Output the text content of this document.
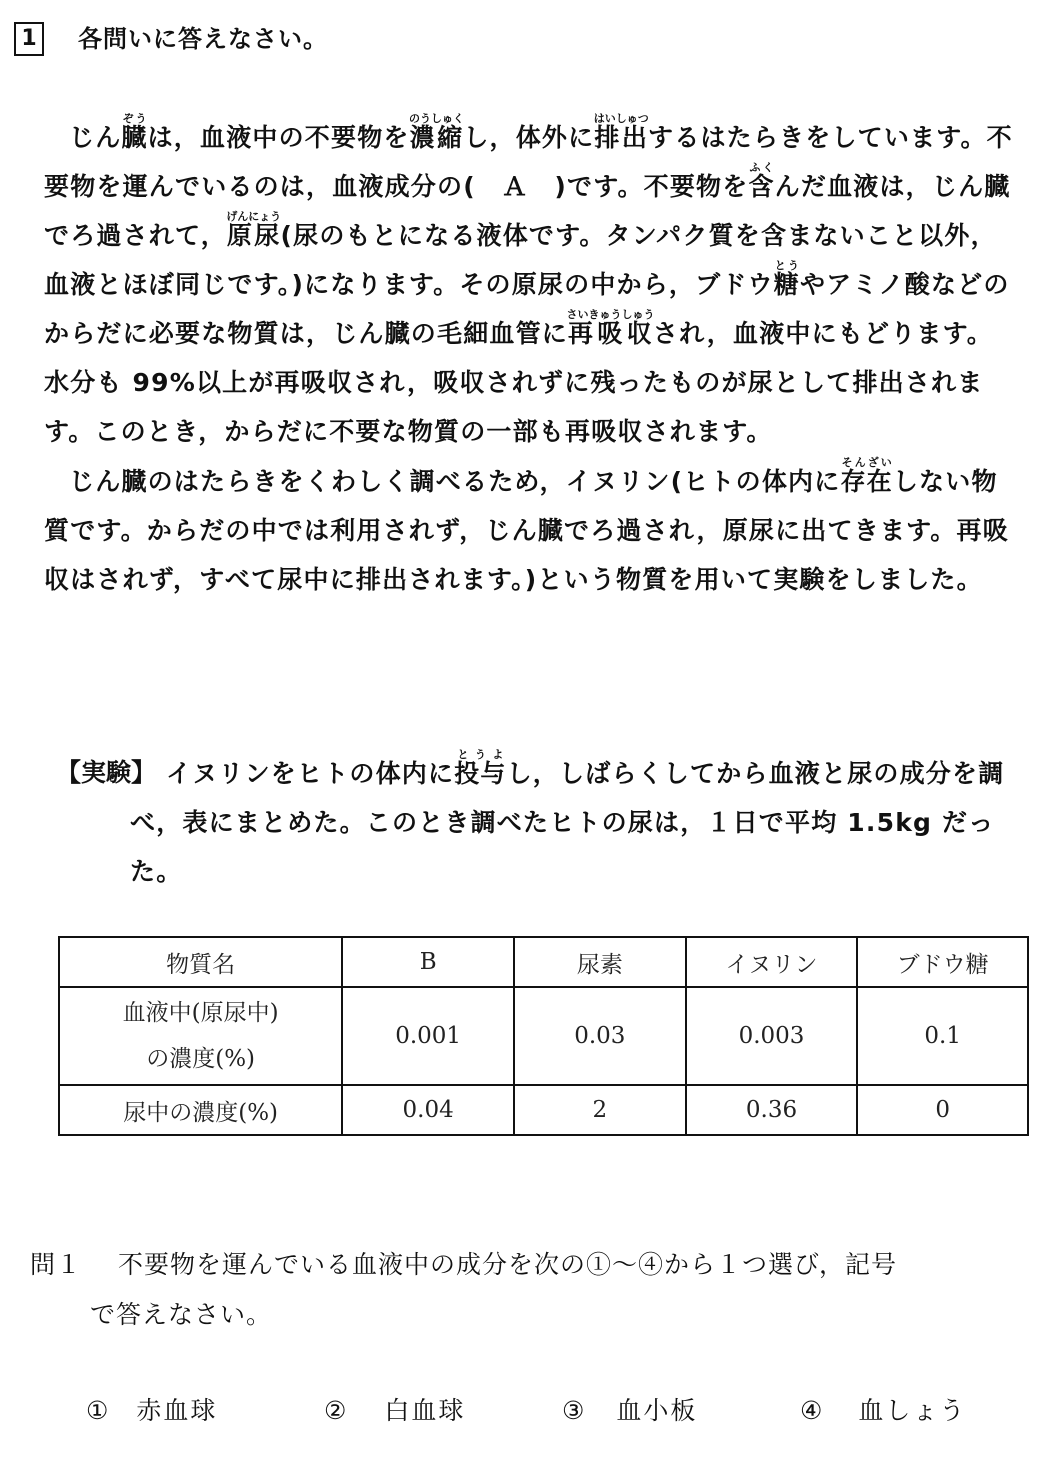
1	各問いに答えなさい。

じん臓ぞうは，血液中の不要物を濃縮のうしゅくし，体外に排出はいしゅつするはたらきをしています。不要物を運んでいるのは，血液成分の(　Ａ　)です。不要物を含ふくんだ血液は，じん臓でろ過されて，原尿げんにょう(尿のもとになる液体です。タンパク質を含まないこと以外，血液とほぼ同じです。)になります。その原尿の中から，ブドウ糖とうやアミノ酸などのからだに必要な物質は，じん臓の毛細血管に再吸収さいきゅうしゅうされ，血液中にもどります。水分も 99%以上が再吸収され，吸収されずに残ったものが尿として排出されます。このとき，からだに不要な物質の一部も再吸収されます。

じん臓のはたらきをくわしく調べるため，イヌリン(ヒトの体内に存在そんざいしない物質です。からだの中では利用されず，じん臓でろ過され，原尿に出てきます。再吸収はされず，すべて尿中に排出されます。)という物質を用いて実験をしました。

【実験】 イヌリンをヒトの体内に投与とうよし，しばらくしてから血液と尿の成分を調べ，表にまとめた。このとき調べたヒトの尿は，１日で平均 1.5kg だった。
物質名	B	尿素	イヌリン	ブドウ糖
血液中(原尿中)
の濃度(%)	0.001	0.03	0.003	0.1
尿中の濃度(%)	0.04	2	0.36	0
問１ 不要物を運んでいる血液中の成分を次の①～④から１つ選び，記号
で答えなさい。
① 赤血球	② 白血球	③ 血小板	④ 血しょう
